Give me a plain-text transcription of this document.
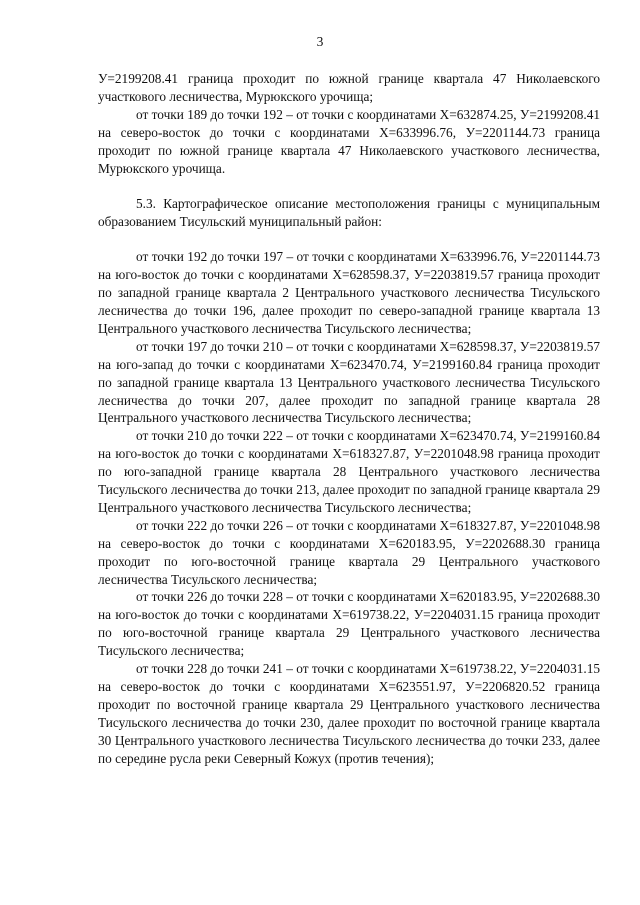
3

У=2199208.41 граница проходит по южной границе квартала 47 Николаевского участкового лесничества, Мурюкского урочища;

от точки 189 до точки 192 – от точки с координатами Х=632874.25, У=2199208.41 на северо-восток до точки с координатами Х=633996.76, У=2201144.73 граница проходит по южной границе квартала 47 Николаевского участкового лесничества, Мурюкского урочища.

5.3. Картографическое описание местоположения границы с муниципальным образованием Тисульский муниципальный район:

от точки 192 до точки 197 – от точки с координатами Х=633996.76, У=2201144.73 на юго-восток до точки с координатами Х=628598.37, У=2203819.57 граница проходит по западной границе квартала 2 Центрального участкового лесничества Тисульского лесничества до точки 196, далее проходит по северо-западной границе квартала 13 Центрального участкового лесничества Тисульского лесничества;

от точки 197 до точки 210 – от точки с координатами Х=628598.37, У=2203819.57 на юго-запад до точки с координатами Х=623470.74, У=2199160.84 граница проходит по западной границе квартала 13 Центрального участкового лесничества Тисульского лесничества до точки 207, далее проходит по западной границе квартала 28 Центрального участкового лесничества Тисульского лесничества;

от точки 210 до точки 222 – от точки с координатами Х=623470.74, У=2199160.84 на юго-восток до точки с координатами Х=618327.87, У=2201048.98 граница проходит по юго-западной границе квартала 28 Центрального участкового лесничества Тисульского лесничества до точки 213, далее проходит по западной границе квартала 29 Центрального участкового лесничества Тисульского лесничества;

от точки 222 до точки 226 – от точки с координатами Х=618327.87, У=2201048.98 на северо-восток до точки с координатами Х=620183.95, У=2202688.30 граница проходит по юго-восточной границе квартала 29 Центрального участкового лесничества Тисульского лесничества;

от точки 226 до точки 228 – от точки с координатами Х=620183.95, У=2202688.30 на юго-восток до точки с координатами Х=619738.22, У=2204031.15 граница проходит по юго-восточной границе квартала 29 Центрального участкового лесничества Тисульского лесничества;

от точки 228 до точки 241 – от точки с координатами Х=619738.22, У=2204031.15 на северо-восток до точки с координатами Х=623551.97, У=2206820.52 граница проходит по восточной границе квартала 29 Центрального участкового лесничества Тисульского лесничества до точки 230, далее проходит по восточной границе квартала 30 Центрального участкового лесничества Тисульского лесничества до точки 233, далее по середине русла реки Северный Кожух (против течения);
